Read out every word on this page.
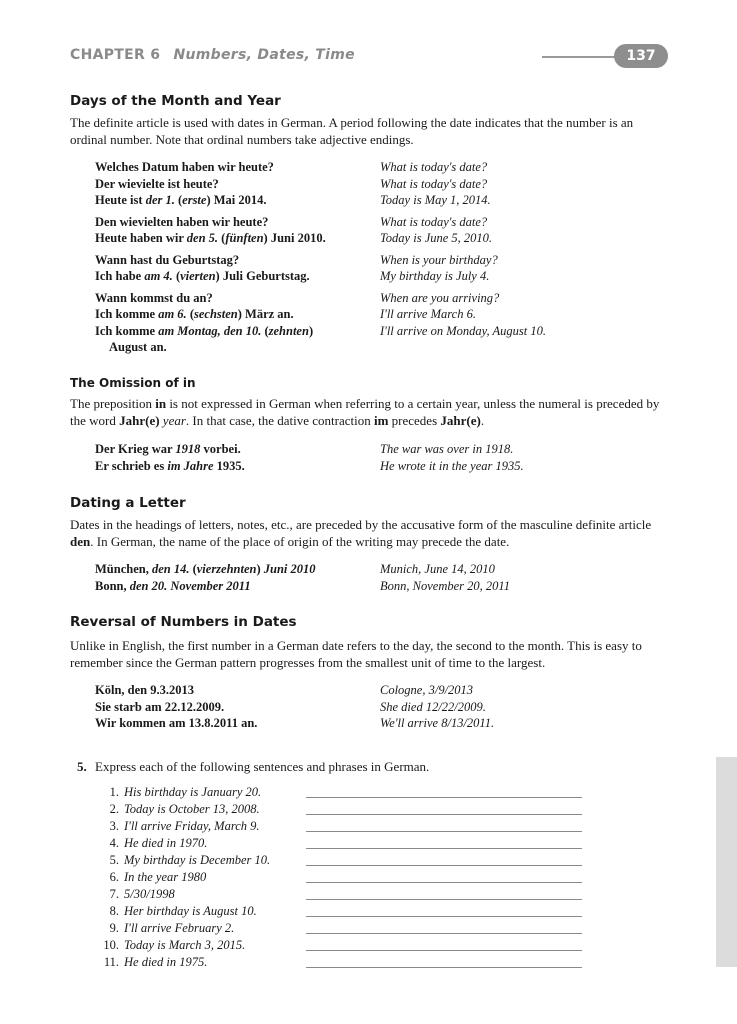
CHAPTER 6 Numbers, Dates, Time	137
Days of the Month and Year
The definite article is used with dates in German. A period following the date indicates that the number is an ordinal number. Note that ordinal numbers take adjective endings.
Welches Datum haben wir heute?	What is today's date?
Der wievielte ist heute?	What is today's date?
Heute ist der 1. (erste) Mai 2014.	Today is May 1, 2014.
Den wievielten haben wir heute?	What is today's date?
Heute haben wir den 5. (fünften) Juni 2010.	Today is June 5, 2010.
Wann hast du Geburtstag?	When is your birthday?
Ich habe am 4. (vierten) Juli Geburtstag.	My birthday is July 4.
Wann kommst du an?	When are you arriving?
Ich komme am 6. (sechsten) März an.	I'll arrive March 6.
Ich komme am Montag, den 10. (zehnten)	I'll arrive on Monday, August 10.
August an.
The Omission of in
The preposition in is not expressed in German when referring to a certain year, unless the numeral is preceded by the word Jahr(e) year. In that case, the dative contraction im precedes Jahr(e).
Der Krieg war 1918 vorbei.	The war was over in 1918.
Er schrieb es im Jahre 1935.	He wrote it in the year 1935.
Dating a Letter
Dates in the headings of letters, notes, etc., are preceded by the accusative form of the masculine definite article den. In German, the name of the place of origin of the writing may precede the date.
München, den 14. (vierzehnten) Juni 2010	Munich, June 14, 2010
Bonn, den 20. November 2011	Bonn, November 20, 2011
Reversal of Numbers in Dates
Unlike in English, the first number in a German date refers to the day, the second to the month. This is easy to remember since the German pattern progresses from the smallest unit of time to the largest.
Köln, den 9.3.2013	Cologne, 3/9/2013
Sie starb am 22.12.2009.	She died 12/22/2009.
Wir kommen am 13.8.2011 an.	We'll arrive 8/13/2011.
5. Express each of the following sentences and phrases in German.
1. His birthday is January 20.
2. Today is October 13, 2008.
3. I'll arrive Friday, March 9.
4. He died in 1970.
5. My birthday is December 10.
6. In the year 1980
7. 5/30/1998
8. Her birthday is August 10.
9. I'll arrive February 2.
10. Today is March 3, 2015.
11. He died in 1975.
